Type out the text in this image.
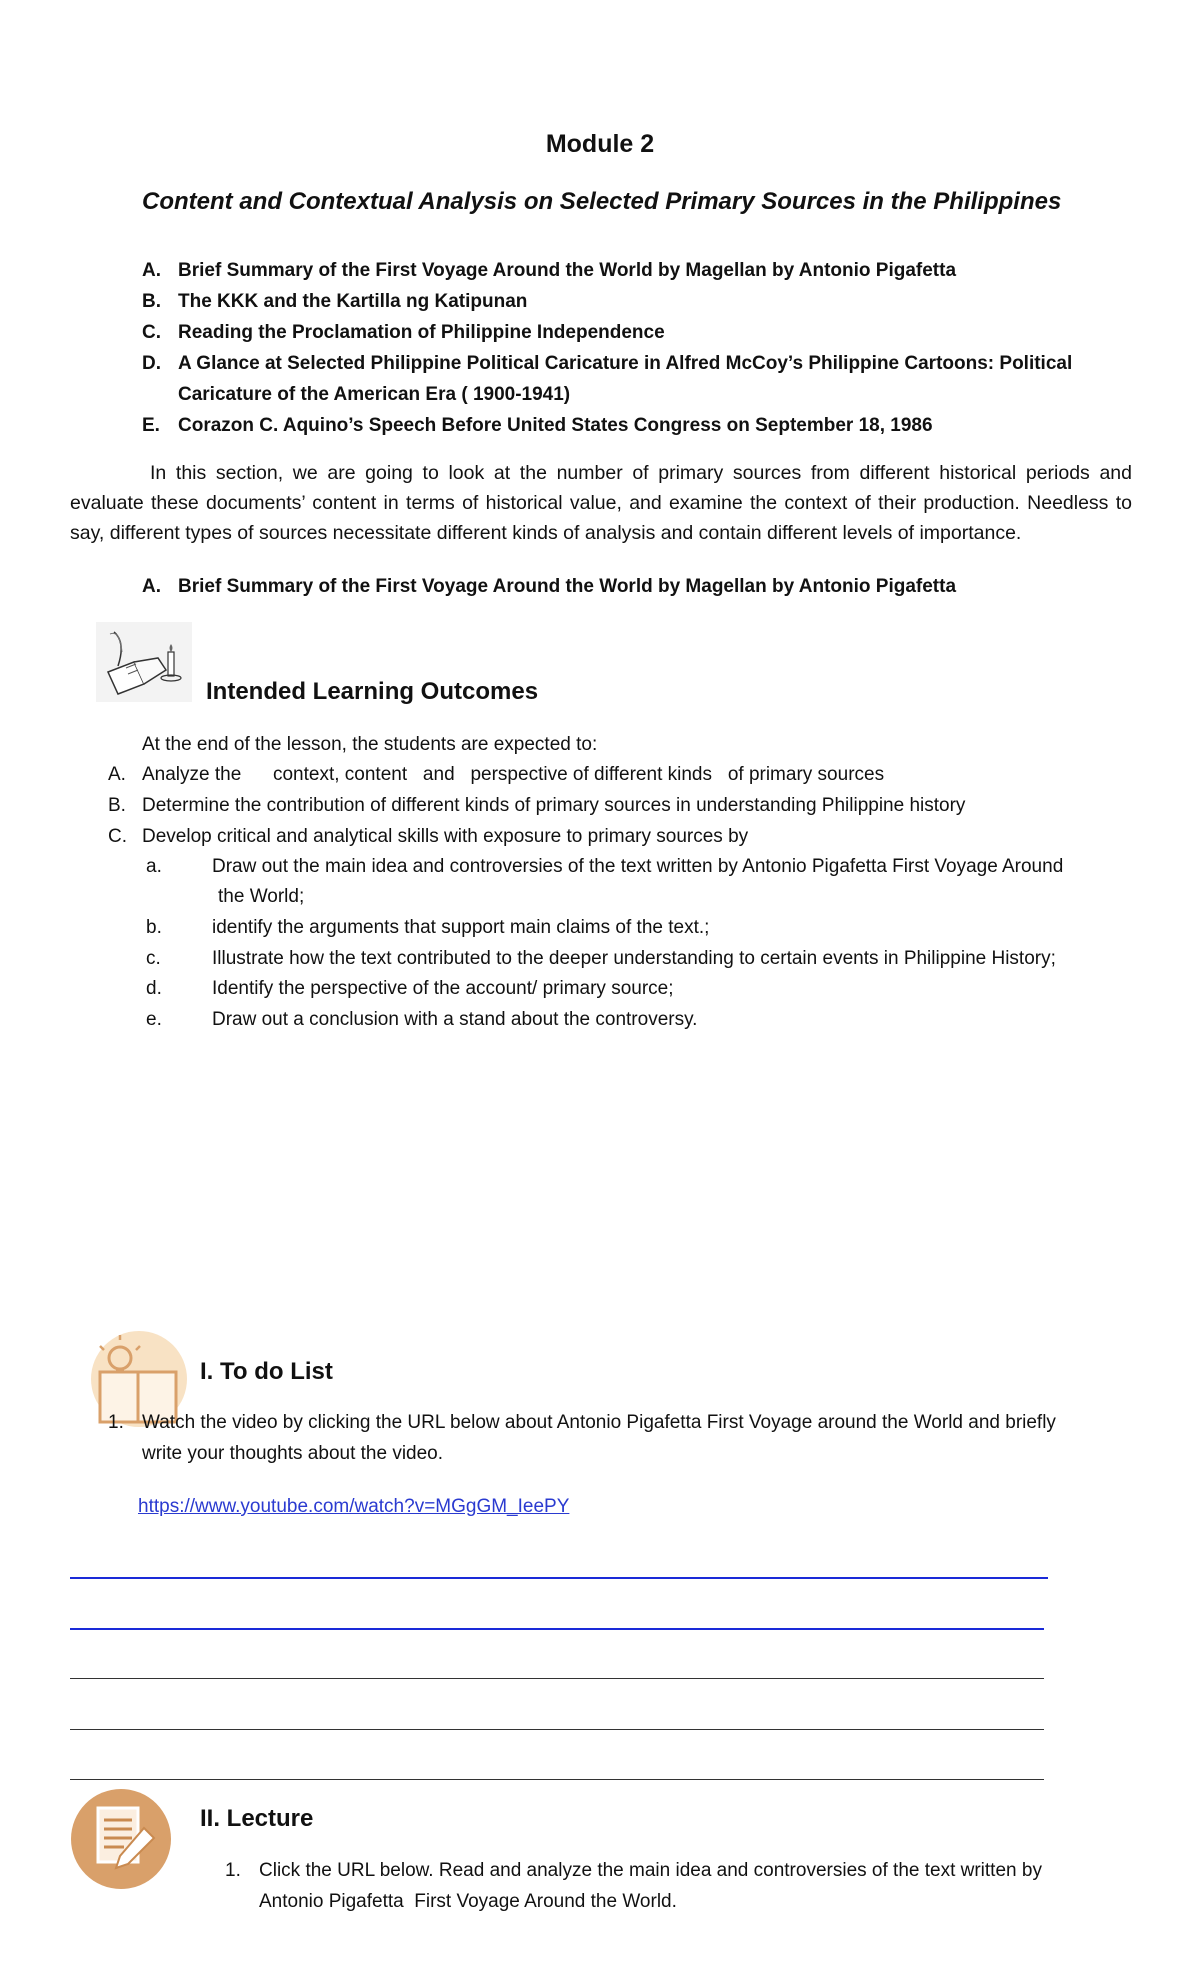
Module 2
Content and Contextual Analysis on Selected Primary Sources in the Philippines
A. Brief Summary of the First Voyage Around the World by Magellan by Antonio Pigafetta
B. The KKK and the Kartilla ng Katipunan
C. Reading the Proclamation of Philippine Independence
D. A Glance at Selected Philippine Political Caricature in Alfred McCoy’s Philippine Cartoons: Political
Caricature of the American Era ( 1900-1941)
E. Corazon C. Aquino’s Speech Before United States Congress on September 18, 1986
In this section, we are going to look at the number of primary sources from different historical periods and evaluate these documents’ content in terms of historical value, and examine the context of their production. Needless to say, different types of sources necessitate different kinds of analysis and contain different levels of importance.
A. Brief Summary of the First Voyage Around the World by Magellan by Antonio Pigafetta
Intended Learning Outcomes
At the end of the lesson, the students are expected to:
A. Analyze the      context, content   and   perspective of different kinds   of primary sources
B. Determine the contribution of different kinds of primary sources in understanding Philippine history
C. Develop critical and analytical skills with exposure to primary sources by
a.	Draw out the main idea and controversies of the text written by Antonio Pigafetta First Voyage Around
the World;
b.	identify the arguments that support main claims of the text.;
c.	Illustrate how the text contributed to the deeper understanding to certain events in Philippine History;
d.	Identify the perspective of the account/ primary source;
e.	Draw out a conclusion with a stand about the controversy.
I. To do List
1. Watch the video by clicking the URL below about Antonio Pigafetta First Voyage around the World and briefly
write your thoughts about the video.
https://www.youtube.com/watch?v=MGgGM_IeePY
II. Lecture
1. Click the URL below. Read and analyze the main idea and controversies of the text written by
Antonio Pigafetta  First Voyage Around the World.
